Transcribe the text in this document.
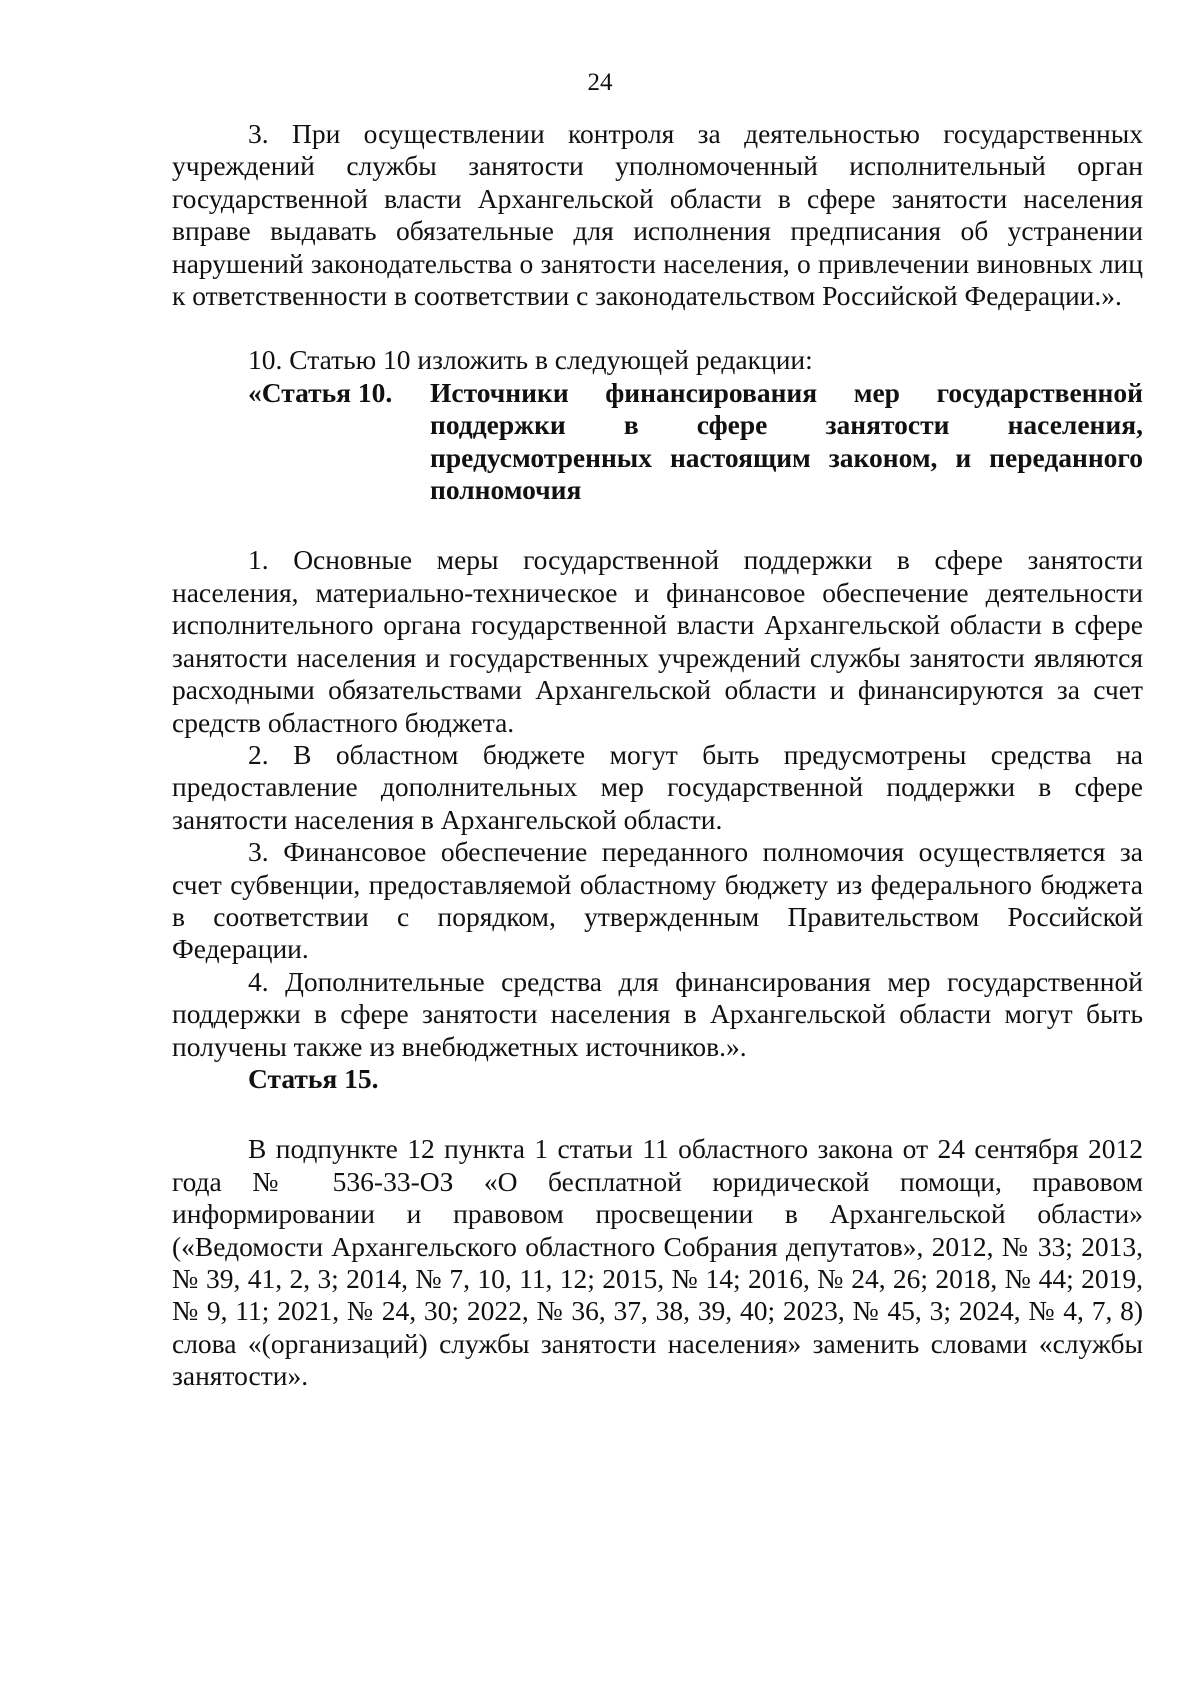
24

3. При осуществлении контроля за деятельностью государственных учреждений службы занятости уполномоченный исполнительный орган государственной власти Архангельской области в сфере занятости населения вправе выдавать обязательные для исполнения предписания об устранении нарушений законодательства о занятости населения, о привлечении виновных лиц к ответственности в соответствии с законодательством Российской Федерации.».

10. Статью 10 изложить в следующей редакции:

«Статья 10.	Источники финансирования мер государственной поддержки в сфере занятости населения, предусмотренных настоящим законом, и переданного полномочия

1. Основные меры государственной поддержки в сфере занятости населения, материально-техническое и финансовое обеспечение деятельности исполнительного органа государственной власти Архангельской области в сфере занятости населения и государственных учреждений службы занятости являются расходными обязательствами Архангельской области и финансируются за счет средств областного бюджета.

2. В областном бюджете могут быть предусмотрены средства на предоставление дополнительных мер государственной поддержки в сфере занятости населения в Архангельской области.

3. Финансовое обеспечение переданного полномочия осуществляется за счет субвенции, предоставляемой областному бюджету из федерального бюджета в соответствии с порядком, утвержденным Правительством Российской Федерации.

4. Дополнительные средства для финансирования мер государственной поддержки в сфере занятости населения в Архангельской области могут быть получены также из внебюджетных источников.».

Статья 15.

В подпункте 12 пункта 1 статьи 11 областного закона от 24 сентября 2012 года № 536-33-ОЗ «О бесплатной юридической помощи, правовом информировании и правовом просвещении в Архангельской области» («Ведомости Архангельского областного Собрания депутатов», 2012, № 33; 2013, № 39, 41, 2, 3; 2014, № 7, 10, 11, 12; 2015, № 14; 2016, № 24, 26; 2018, № 44; 2019, № 9, 11; 2021, № 24, 30; 2022, № 36, 37, 38, 39, 40; 2023, № 45, 3; 2024, № 4, 7, 8) слова «(организаций) службы занятости населения» заменить словами «службы занятости».
